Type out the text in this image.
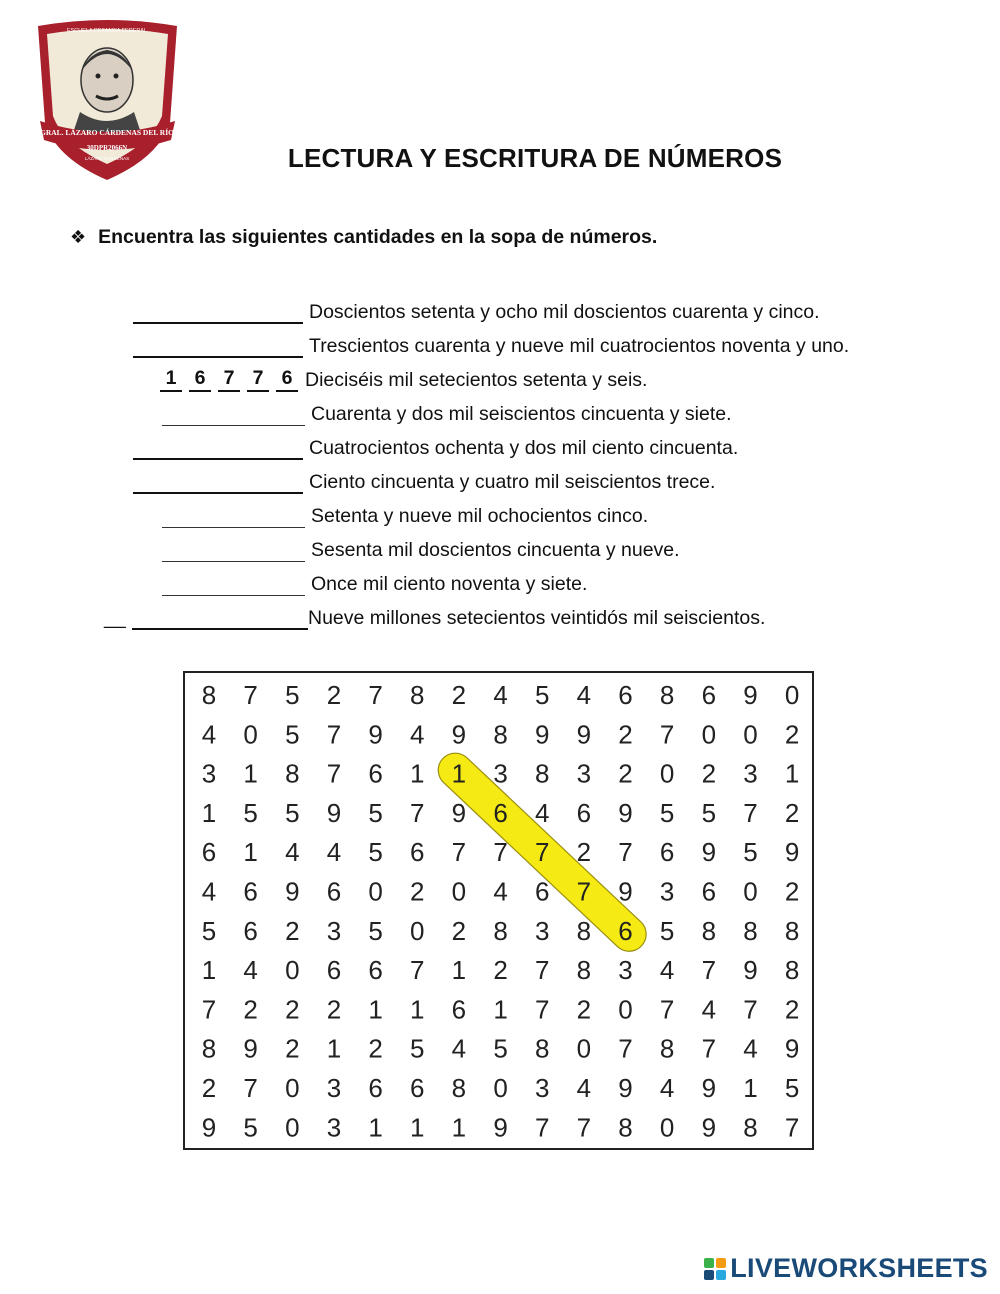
ESCUELA PRIMARIA FEDERAL
GRAL. LÁZARO CÁRDENAS DEL RÍO
30DPR2066N
LÁZARO CÁRDENAS	LECTURA Y ESCRITURA DE NÚMEROS
❖ Encuentra las siguientes cantidades en la sopa de números.
Doscientos setenta y ocho mil doscientos cuarenta y cinco.
Trescientos cuarenta y nueve mil cuatrocientos noventa y uno.
1 6 7 7 6 Dieciséis mil setecientos setenta y seis.
Cuarenta y dos mil seiscientos cincuenta y siete.
Cuatrocientos ochenta y dos mil ciento cincuenta.
Ciento cincuenta y cuatro mil seiscientos trece.
Setenta y nueve mil ochocientos cinco.
Sesenta mil doscientos cincuenta y nueve.
Once mil ciento noventa y siete.
__	Nueve millones setecientos veintidós mil seiscientos.
8 7 5 2 7 8 2 4 5 4 6 8 6 9 0
4 0 5 7 9 4 9 8 9 9 2 7 0 0 2
3 1 8 7 6 1 1 3 8 3 2 0 2 3 1
1 5 5 9 5 7 9 6 4 6 9 5 5 7 2
6 1 4 4 5 6 7 7 7 2 7 6 9 5 9
4 6 9 6 0 2 0 4 6 7 9 3 6 0 2
5 6 2 3 5 0 2 8 3 8 6 5 8 8 8
1 4 0 6 6 7 1 2 7 8 3 4 7 9 8
7 2 2 2 1 1 6 1 7 2 0 7 4 7 2
8 9 2 1 2 5 4 5 8 0 7 8 7 4 9
2 7 0 3 6 6 8 0 3 4 9 4 9 1 5
9 5 0 3 1 1 1 9 7 7 8 0 9 8 7
LIVEWORKSHEETS
